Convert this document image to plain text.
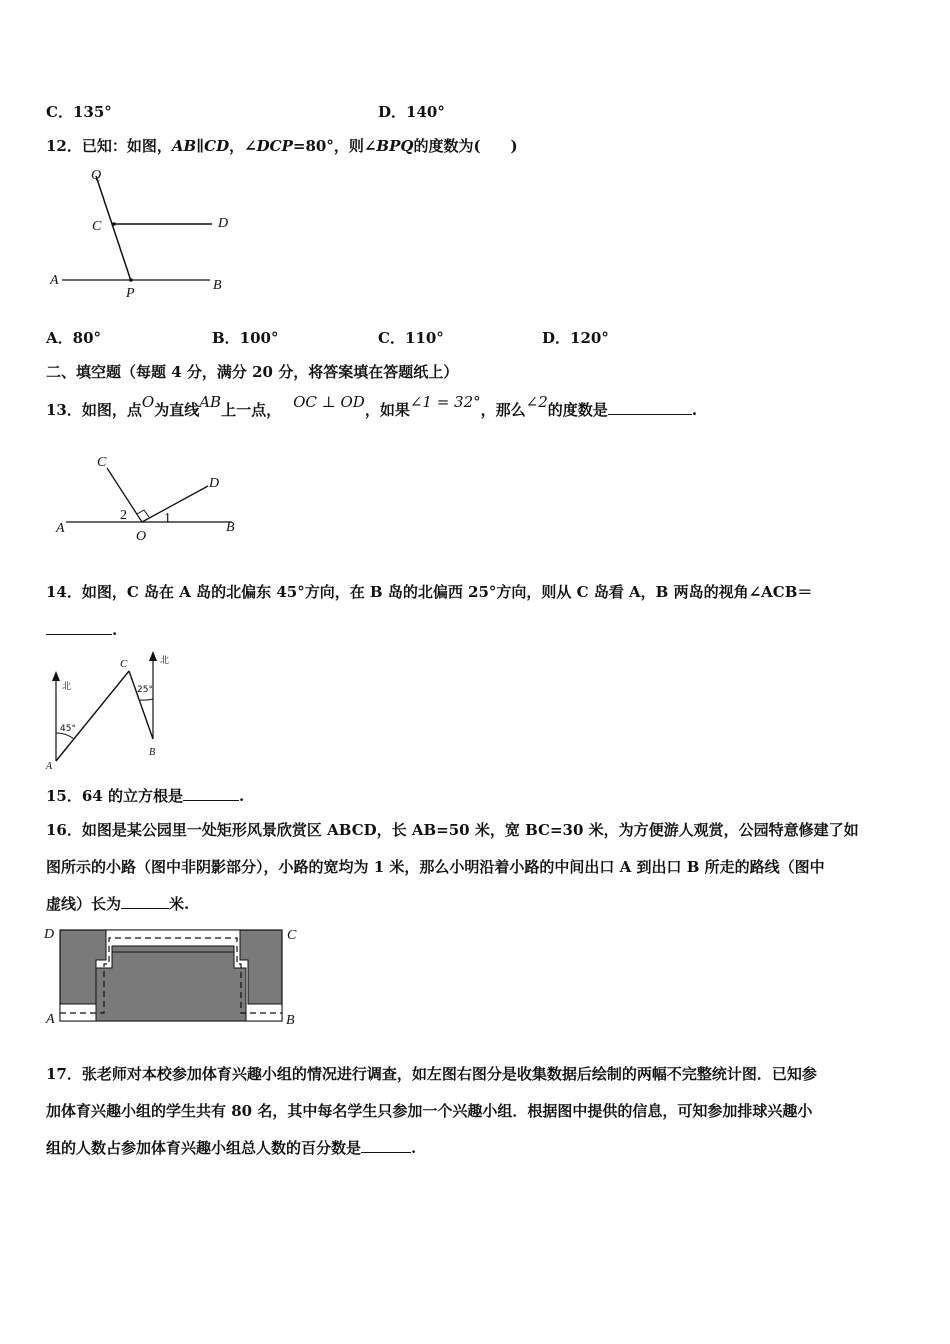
C．135°	D．140°
12．已知：如图，AB∥CD，∠DCP=80°，则∠BPQ的度数为(　　)
Q
C	D
A
P
B
A．80°	B．100°	C．110°	D．120°
二、填空题（每题 4 分，满分 20 分，将答案填在答题纸上）
13．如图，点O为直线AB上一点， OC ⊥ OD，如果∠1 = 32°，那么∠2的度数是	.
C
D
A
O
B
2	1
14．如图，C 岛在 A 岛的北偏东 45°方向，在 B 岛的北偏西 25°方向，则从 C 岛看 A，B 两岛的视角∠ACB＝
.
北
北
C
A
B
45°
25°
15．64 的立方根是	.
16．如图是某公园里一处矩形风景欣赏区 ABCD，长 AB=50 米，宽 BC=30 米，为方便游人观赏，公园特意修建了如
图所示的小路（图中非阴影部分），小路的宽均为 1 米，那么小明沿着小路的中间出口 A 到出口 B 所走的路线（图中
虚线）长为	米.
D	C
A	B
17．张老师对本校参加体育兴趣小组的情况进行调查，如左图右图分是收集数据后绘制的两幅不完整统计图．已知参
加体育兴趣小组的学生共有 80 名，其中每名学生只参加一个兴趣小组．根据图中提供的信息，可知参加排球兴趣小
组的人数占参加体育兴趣小组总人数的百分数是	.
